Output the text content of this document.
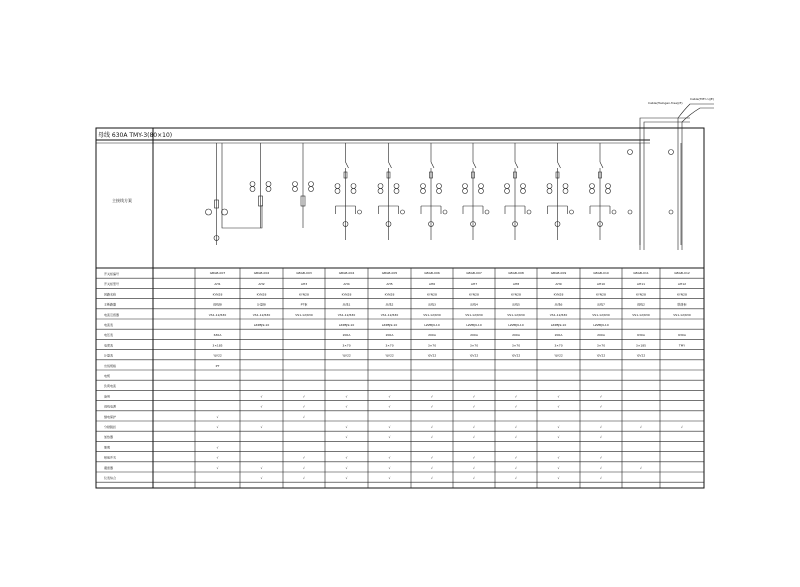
母线 630A TMY-3(80×10)
主接线方案
Cable(Halogen-free)(E)
Cable(TMY-n)(E)
开关柜编号
开关柜型号
回路名称
主断路器
电流互感器
电流表
电压表
电度表
计量表
出线规格
电缆
负荷电流
备用
进线电源
继电保护
分励脱扣
加热器
照明
接地开关
避雷器
仪表综合
GBGB-007
AH1
KYN28
进线柜
VS1-12/630
630A
3×185
YJV22
PT
√
√
√
√
√
GBGB-002
AH2
KYN28
计量柜
VS1-12/630
LZZBJ9-10
√
√
√
√
√
GBGB-003
AH3
KYN28
PT柜
VS1-12/630
√
√
√
√
√
√
GBGB-004
AH4
KYN28
出线1
VS1-12/630
LZZBJ9-10
200A
3×70
YJV22
√
√
√
√
√
√
√
GBGB-005
AH5
KYN28
出线2
VS1-12/630
LZZBJ9-10
200A
3×70
YJV22
√
√
√
√
√
√
√
GBGB-006
AH6
KYN28
出线3
VS1-12/630
LZZBJ9-10
200A
3×70
YJV22
√
√
√
√
√
√
√
GBGB-007
AH7
KYN28
出线4
VS1-12/630
LZZBJ9-10
200A
3×70
YJV22
√
√
√
√
√
√
√
GBGB-008
AH8
KYN28
出线5
VS1-12/630
LZZBJ9-10
200A
3×70
YJV22
√
√
√
√
√
√
√
GBGB-009
AH9
KYN28
出线6
VS1-12/630
LZZBJ9-10
200A
3×70
YJV22
√
√
√
√
√
√
√
GBGB-010
AH10
KYN28
出线7
VS1-12/630
LZZBJ9-10
200A
3×70
YJV22
√
√
√
√
√
√
√
GBGB-011
AH11
KYN28
进线2
VS1-12/630
630A
3×185
YJV22
√
√
GBGB-012
AH12
KYN28
联络柜
VS1-12/630
630A
TMY
√
